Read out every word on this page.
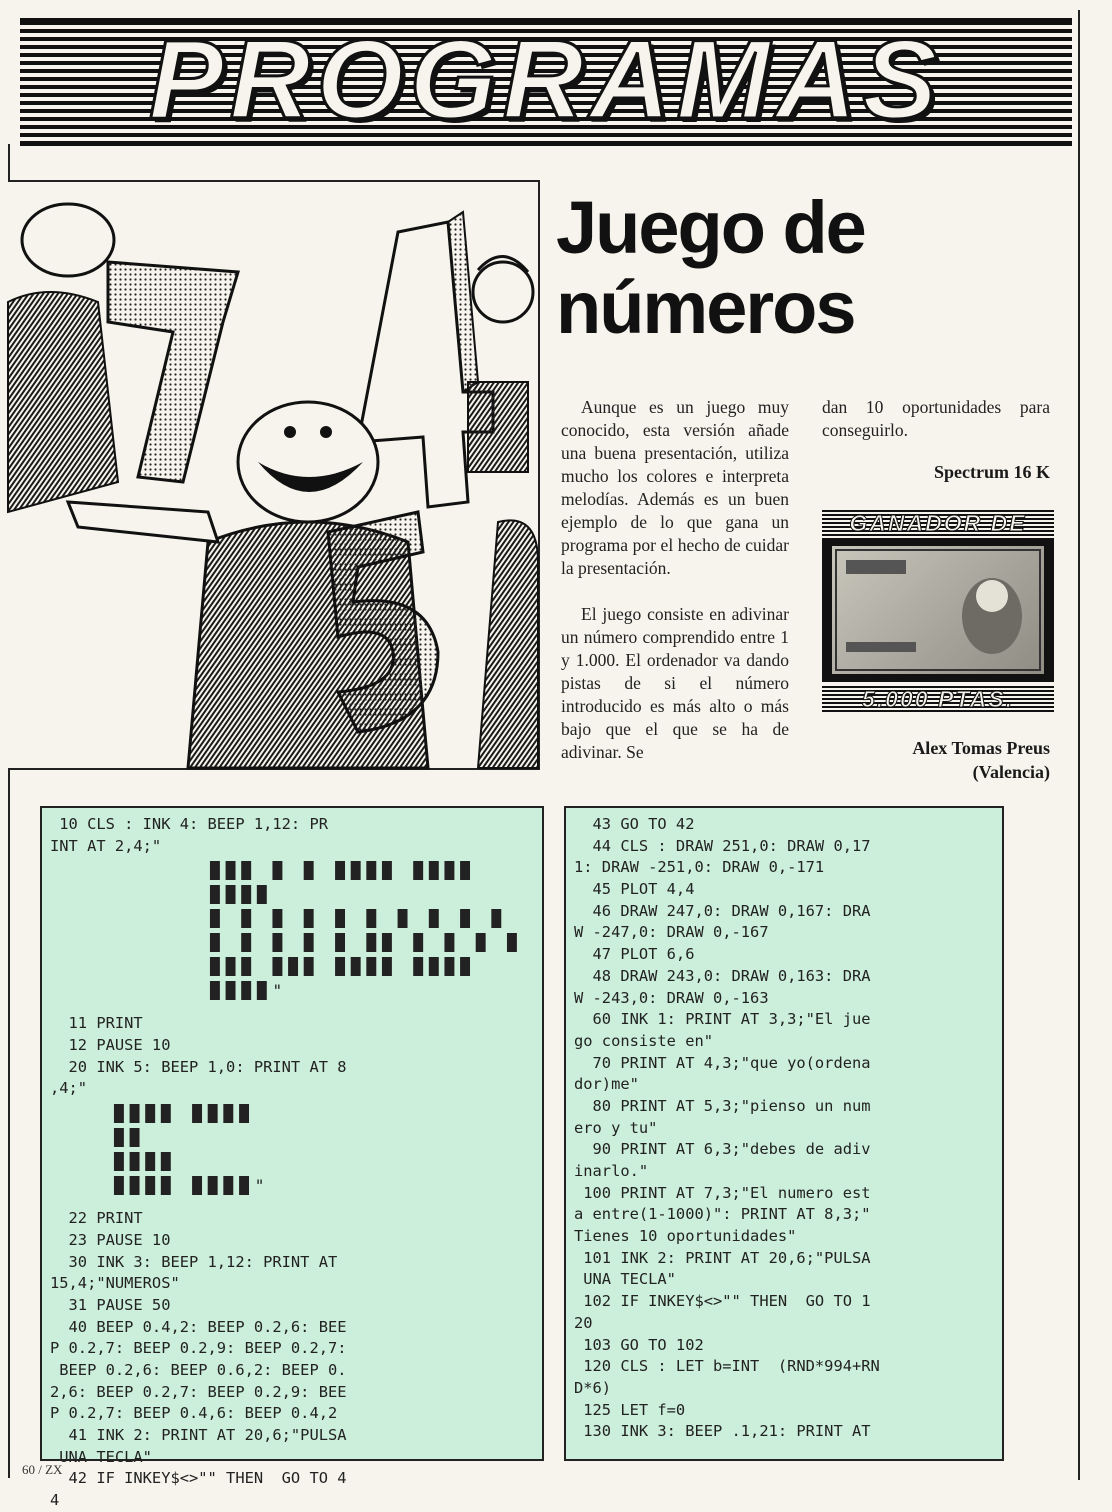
PROGRAMAS
Juego de
números

Aunque es un juego muy conocido, esta versión añade una buena presentación, utiliza mucho los colores e interpreta melodías. Además es un buen ejemplo de lo que gana un programa por el hecho de cuidar la presentación.

El juego consiste en adivinar un número comprendido entre 1 y 1.000. El ordenador va dando pistas de si el número introducido es más alto o más bajo que el que se ha de adivinar. Se

dan 10 oportunidades para conseguirlo.

Spectrum 16 K
GANADOR DE
5.000 PTAS.
Alex Tomas Preus
(Valencia)
10 CLS : INK 4: BEEP 1,12: PR
INT AT 2,4;"
███ █ █ ████ ████ ████
█ █ █ █ █ █ █ █ █ █
█ █ █ █ █ ██ █ █ █ █
███ ███ ████ ████ ████"
11 PRINT
12 PAUSE 10
20 INK 5: BEEP 1,0: PRINT AT 8
,4;"
████ ████
██
████
████ ████"
22 PRINT
23 PAUSE 10
30 INK 3: BEEP 1,12: PRINT AT
15,4;"NUMEROS"
31 PAUSE 50
40 BEEP 0.4,2: BEEP 0.2,6: BEE
P 0.2,7: BEEP 0.2,9: BEEP 0.2,7:
BEEP 0.2,6: BEEP 0.6,2: BEEP 0.
2,6: BEEP 0.2,7: BEEP 0.2,9: BEE
P 0.2,7: BEEP 0.4,6: BEEP 0.4,2
41 INK 2: PRINT AT 20,6;"PULSA
UNA TECLA"
42 IF INKEY$<>"" THEN  GO TO 4
4
43 GO TO 42
44 CLS : DRAW 251,0: DRAW 0,17
1: DRAW -251,0: DRAW 0,-171
45 PLOT 4,4
46 DRAW 247,0: DRAW 0,167: DRA
W -247,0: DRAW 0,-167
47 PLOT 6,6
48 DRAW 243,0: DRAW 0,163: DRA
W -243,0: DRAW 0,-163
60 INK 1: PRINT AT 3,3;"El jue
go consiste en"
70 PRINT AT 4,3;"que yo(ordena
dor)me"
80 PRINT AT 5,3;"pienso un num
ero y tu"
90 PRINT AT 6,3;"debes de adiv
inarlo."
100 PRINT AT 7,3;"El numero est
a entre(1-1000)": PRINT AT 8,3;"
Tienes 10 oportunidades"
101 INK 2: PRINT AT 20,6;"PULSA
UNA TECLA"
102 IF INKEY$<>"" THEN  GO TO 1
20
103 GO TO 102
120 CLS : LET b=INT  (RND*994+RN
D*6)
125 LET f=0
130 INK 3: BEEP .1,21: PRINT AT
60 / ZX
